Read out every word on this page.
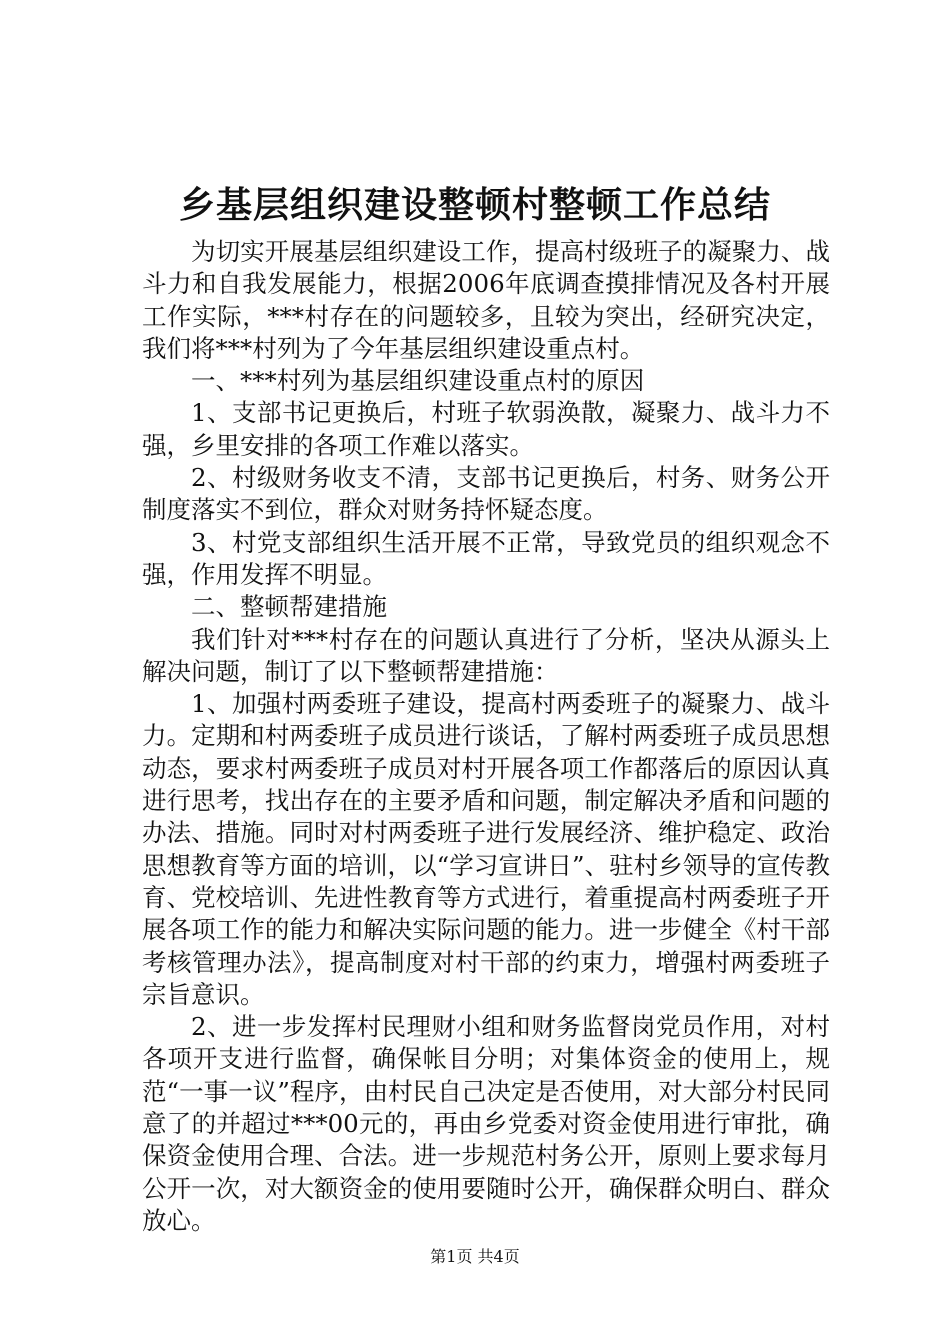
乡基层组织建设整顿村整顿工作总结

为切实开展基层组织建设工作，提高村级班子的凝聚力、战斗力和自我发展能力，根据2006年底调查摸排情况及各村开展工作实际，***村存在的问题较多，且较为突出，经研究决定，我们将***村列为了今年基层组织建设重点村。

一、***村列为基层组织建设重点村的原因

1、支部书记更换后，村班子软弱涣散，凝聚力、战斗力不强，乡里安排的各项工作难以落实。

2、村级财务收支不清，支部书记更换后，村务、财务公开制度落实不到位，群众对财务持怀疑态度。

3、村党支部组织生活开展不正常，导致党员的组织观念不强，作用发挥不明显。

二、整顿帮建措施

我们针对***村存在的问题认真进行了分析，坚决从源头上解决问题，制订了以下整顿帮建措施：

1、加强村两委班子建设，提高村两委班子的凝聚力、战斗力。定期和村两委班子成员进行谈话，了解村两委班子成员思想动态，要求村两委班子成员对村开展各项工作都落后的原因认真进行思考，找出存在的主要矛盾和问题，制定解决矛盾和问题的办法、措施。同时对村两委班子进行发展经济、维护稳定、政治思想教育等方面的培训，以“学习宣讲日”、驻村乡领导的宣传教育、党校培训、先进性教育等方式进行，着重提高村两委班子开展各项工作的能力和解决实际问题的能力。进一步健全《村干部考核管理办法》，提高制度对村干部的约束力，增强村两委班子宗旨意识。

2、进一步发挥村民理财小组和财务监督岗党员作用，对村各项开支进行监督，确保帐目分明；对集体资金的使用上，规范“一事一议”程序，由村民自己决定是否使用，对大部分村民同意了的并超过***00元的，再由乡党委对资金使用进行审批，确保资金使用合理、合法。进一步规范村务公开，原则上要求每月公开一次，对大额资金的使用要随时公开，确保群众明白、群众放心。

第1页 共4页
